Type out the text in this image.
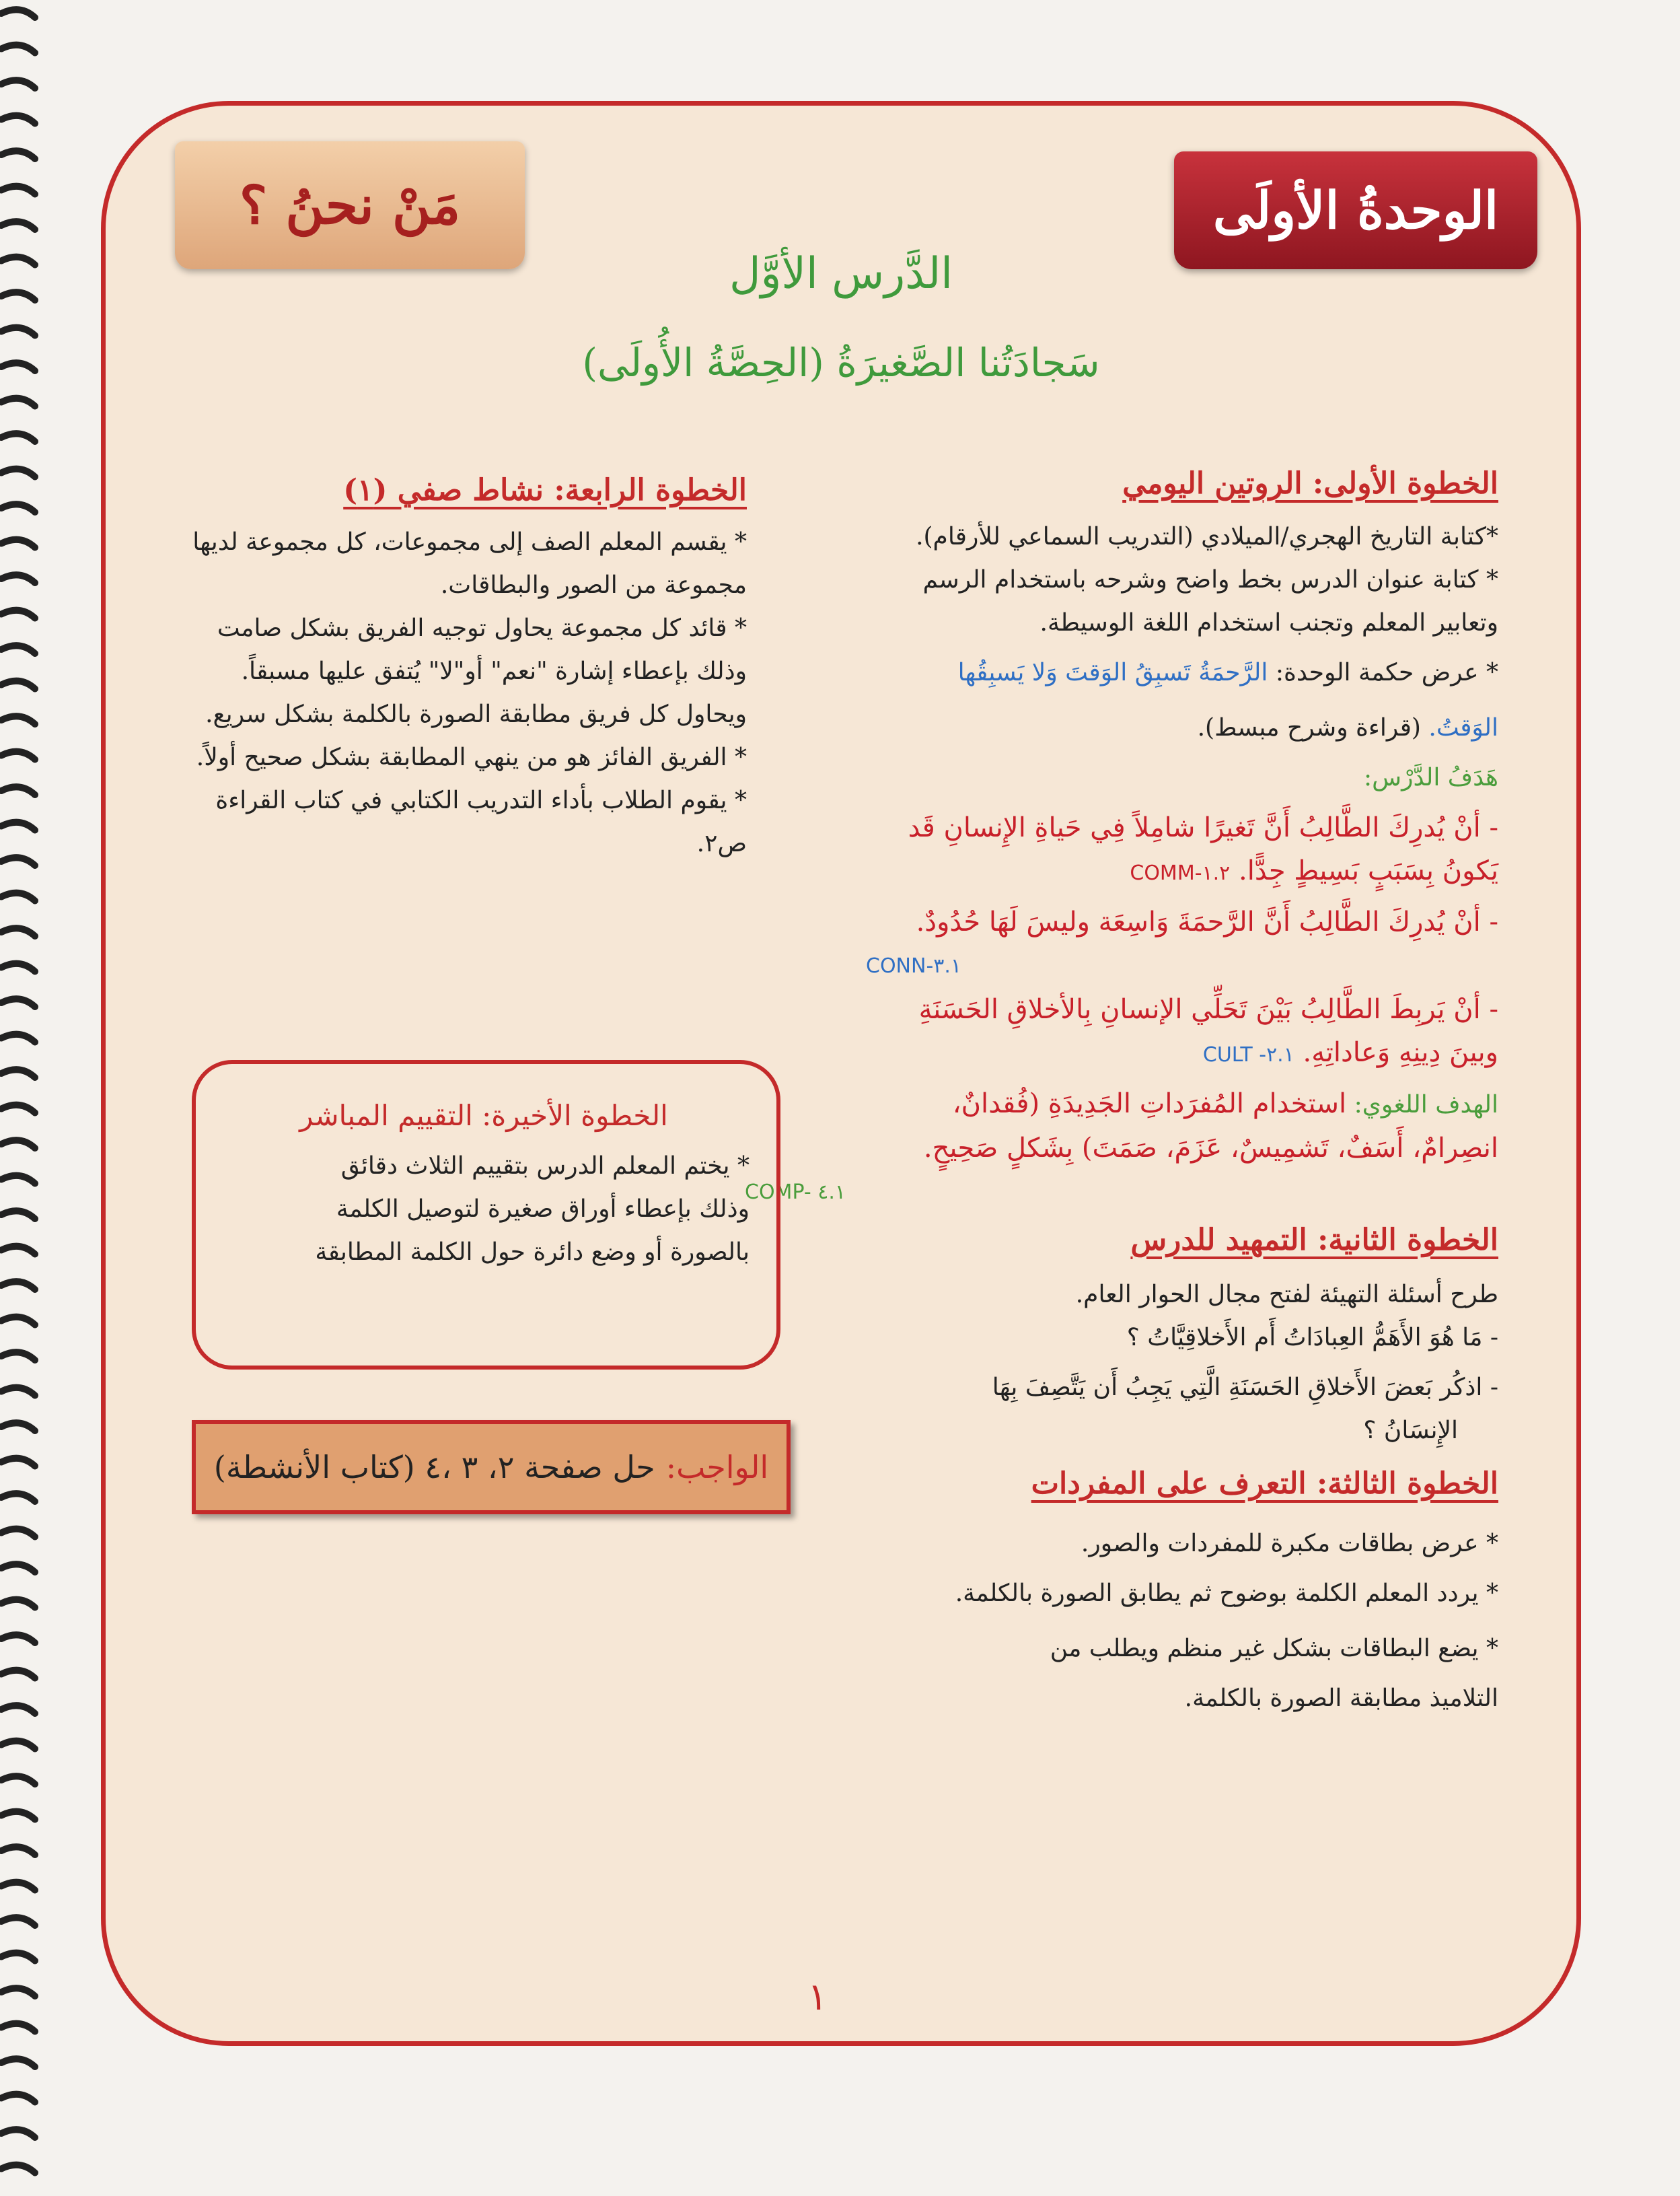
الوحدةُ الأولَى
مَنْ نحنُ ؟
الدَّرس الأوَّل
سَجادَتُنا الصَّغيرَةُ (الحِصَّةُ الأُولَى)

الخطوة الأولى: الروتين اليومي

*كتابة التاريخ الهجري/الميلادي (التدريب السماعي للأرقام).

* كتابة عنوان الدرس بخط واضح وشرحه باستخدام الرسم

وتعابير المعلم وتجنب استخدام اللغة الوسيطة.

* عرض حكمة الوحدة: الرَّحمَةُ تَسبِقُ الوَقتَ وَلا يَسبِقُها

الوَقتُ. (قراءة وشرح مبسط).

هَدَفُ الدَّرْس:

- أنْ يُدرِكَ الطَّالِبُ أَنَّ تَغيرًا شامِلاً فِي حَياةِ الإِنسانِ قَد

يَكونُ بِسَبَبٍ بَسِيطٍ جِدًّا. COMM-١.٢

- أنْ يُدرِكَ الطَّالِبُ أَنَّ الرَّحمَةَ وَاسِعَة وليسَ لَهَا حُدُودٌ.

CONN-٣.١

- أنْ يَربِطَ الطَّالِبُ بَيْنَ تَحَلِّي الإنسانِ بِالأخلاقِ الحَسَنَةِ

وبينَ دِينِهِ وَعاداتِهِ. CULT -٢.١

الهدف اللغوي: استخدام المُفرَداتِ الجَدِيدَةِ (فُقدانٌ،

انصِرامٌ، أَسَفٌ، تَشمِيسٌ، عَزَمَ، صَمَتَ) بِشَكلٍ صَحِيحٍ.

COMP- ٤.١

الخطوة الثانية: التمهيد للدرس

طرح أسئلة التهيئة لفتح مجال الحوار العام.

- مَا هُوَ الأَهَمُّ العِبادَاتُ أَم الأَخلاقِيَّاتُ ؟

- اذكُر بَعضَ الأَخلاقِ الحَسَنَةِ الَّتِي يَجِبُ أَن يَتَّصِفَ بِهَا

الإِنسَانُ ؟

الخطوة الثالثة: التعرف على المفردات

* عرض بطاقات مكبرة للمفردات والصور.

* يردد المعلم الكلمة بوضوح ثم يطابق الصورة بالكلمة.

* يضع البطاقات بشكل غير منظم ويطلب من

التلاميذ مطابقة الصورة بالكلمة.

الخطوة الرابعة: نشاط صفي (١)

* يقسم المعلم الصف إلى مجموعات، كل مجموعة لديها

مجموعة من الصور والبطاقات.

* قائد كل مجموعة يحاول توجيه الفريق بشكل صامت

وذلك بإعطاء إشارة "نعم" أو"لا" يُتفق عليها مسبقاً.

ويحاول كل فريق مطابقة الصورة بالكلمة بشكل سريع.

* الفريق الفائز هو من ينهي المطابقة بشكل صحيح أولاً.

* يقوم الطلاب بأداء التدريب الكتابي في كتاب القراءة

ص٢.

الخطوة الأخيرة: التقييم المباشر

* يختم المعلم الدرس بتقييم الثلاث دقائق

وذلك بإعطاء أوراق صغيرة لتوصيل الكلمة

بالصورة أو وضع دائرة حول الكلمة المطابقة

الواجب:
حل صفحة ٢، ٣ ،٤ (كتاب الأنشطة)
١
